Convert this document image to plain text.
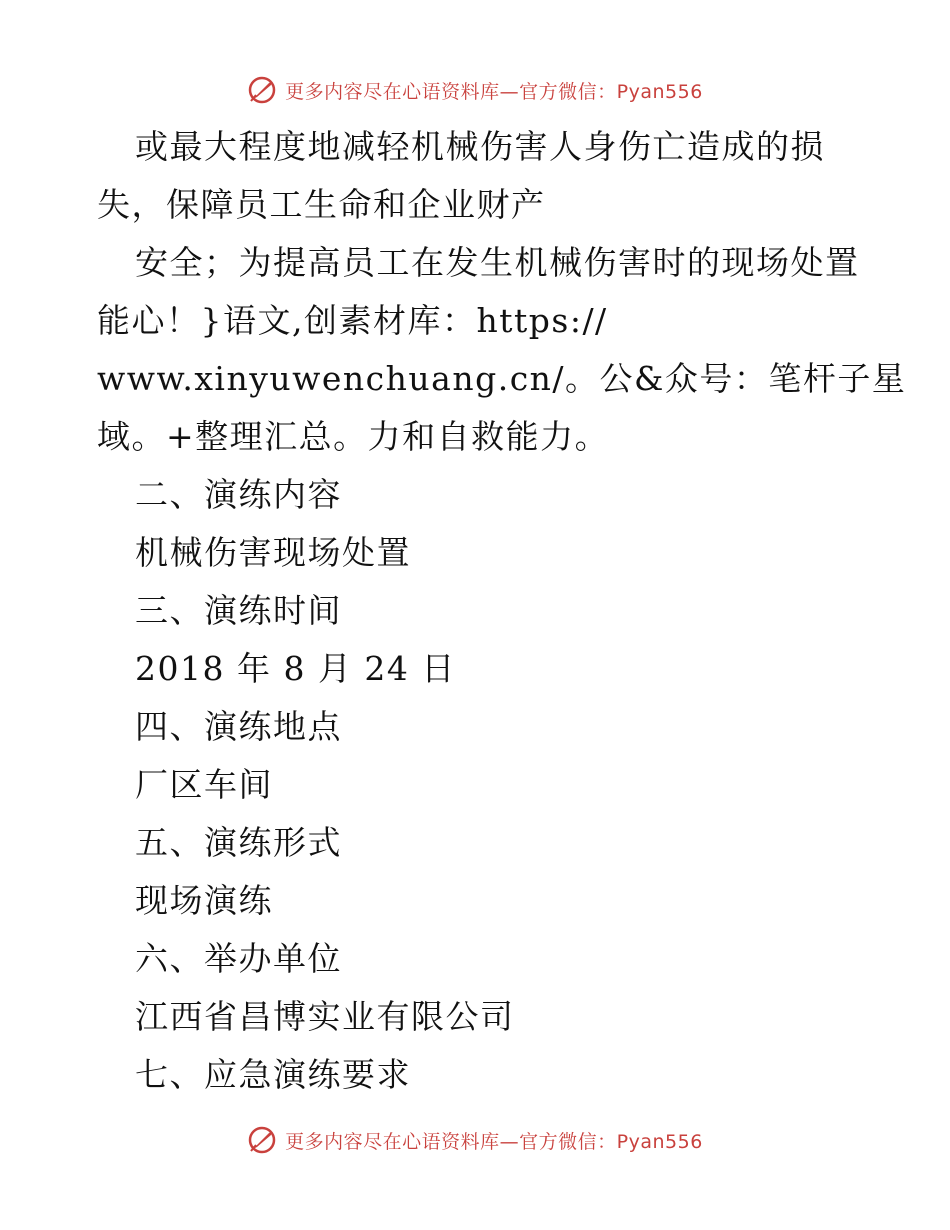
更多内容尽在心语资料库—官方微信：Pyan556
或最大程度地减轻机械伤害人身伤亡造成的损
失，保障员工生命和企业财产
安全；为提高员工在发生机械伤害时的现场处置
能心！}语文,创素材库：https://
www.xinyuwenchuang.cn/。公&众号：笔杆子星
域。+整理汇总。力和自救能力。
二、演练内容
机械伤害现场处置
三、演练时间
2018 年 8 月 24 日
四、演练地点
厂区车间
五、演练形式
现场演练
六、举办单位
江西省昌博实业有限公司
七、应急演练要求
更多内容尽在心语资料库—官方微信：Pyan556
